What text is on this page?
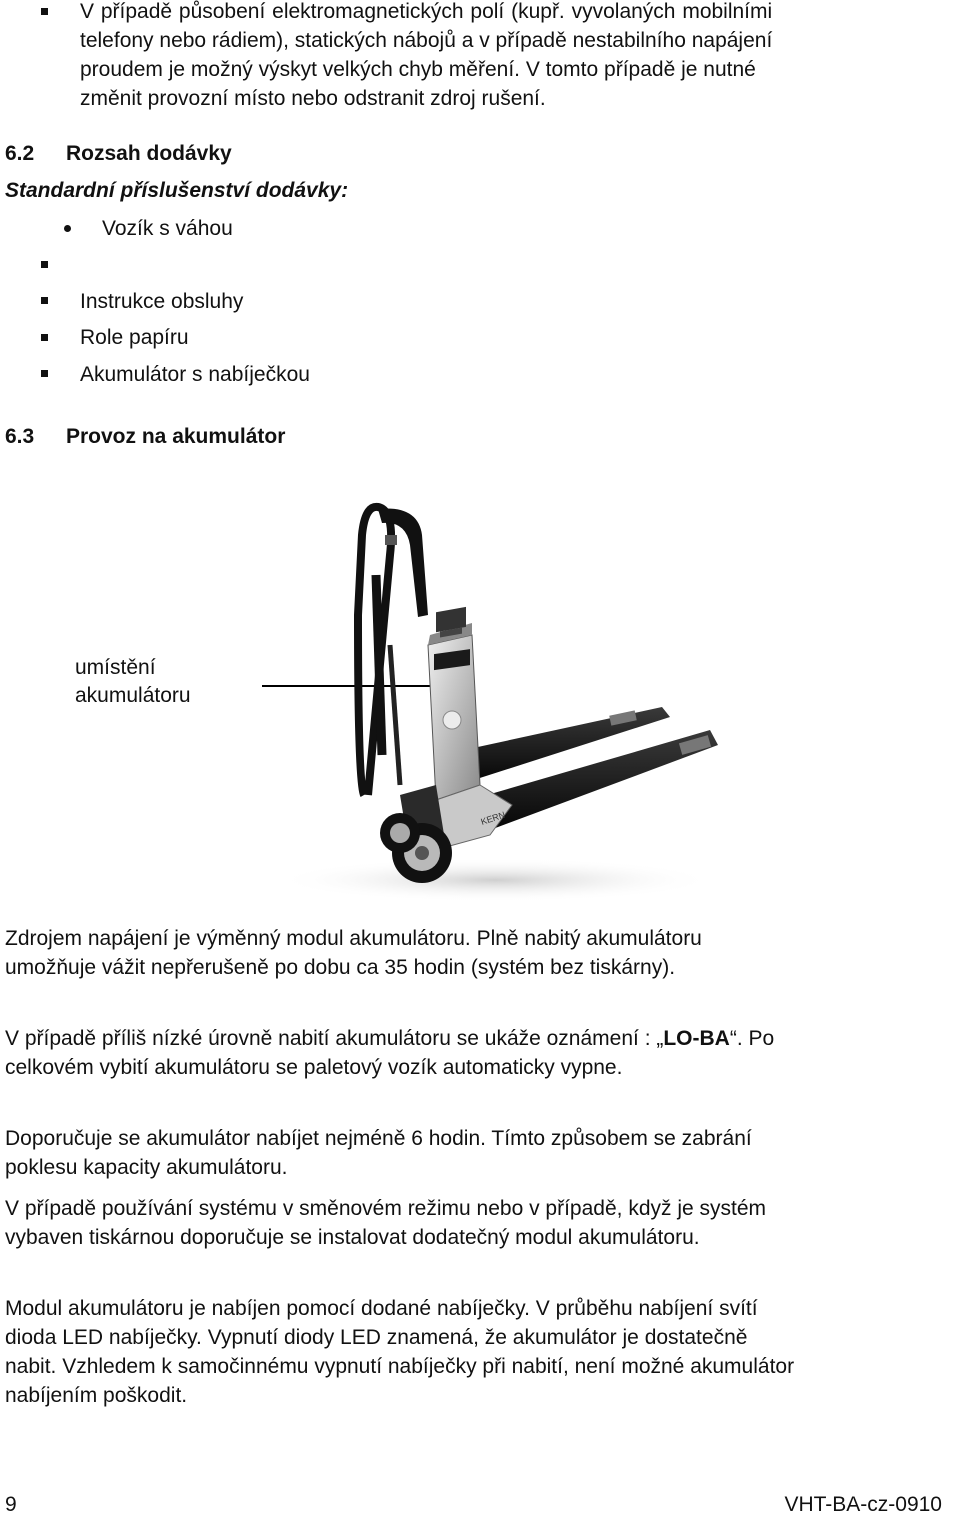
V případě působení elektromagnetických polí (kupř. vyvolaných mobilními
telefony nebo rádiem), statických nábojů a v případě nestabilního napájení
proudem je možný výskyt velkých chyb měření. V tomto případě je nutné
změnit provozní místo nebo odstranit zdroj rušení.
6.2 Rozsah dodávky
Standardní příslušenství dodávky:
Vozík s váhou
Instrukce obsluhy
Role papíru
Akumulátor s nabíječkou
6.3 Provoz na akumulátor
umístění
akumulátoru
KERN
Zdrojem napájení je výměnný modul akumulátoru. Plně nabitý akumulátoru
umožňuje vážit nepřerušeně po dobu ca 35 hodin (systém bez tiskárny).
V případě příliš nízké úrovně nabití akumulátoru se ukáže oznámení : „LO-BA“. Po
celkovém vybití akumulátoru se paletový vozík automaticky vypne.
Doporučuje se akumulátor nabíjet nejméně 6 hodin. Tímto způsobem se zabrání
poklesu kapacity akumulátoru.
V případě používání systému v směnovém režimu nebo v případě, když je systém
vybaven tiskárnou doporučuje se instalovat dodatečný modul akumulátoru.
Modul akumulátoru je nabíjen pomocí dodané nabíječky. V průběhu nabíjení svítí
dioda LED nabíječky. Vypnutí diody LED znamená, že akumulátor je dostatečně
nabit. Vzhledem k samočinnému vypnutí nabíječky při nabití, není možné akumulátor
nabíjením poškodit.
9	VHT-BA-cz-0910
